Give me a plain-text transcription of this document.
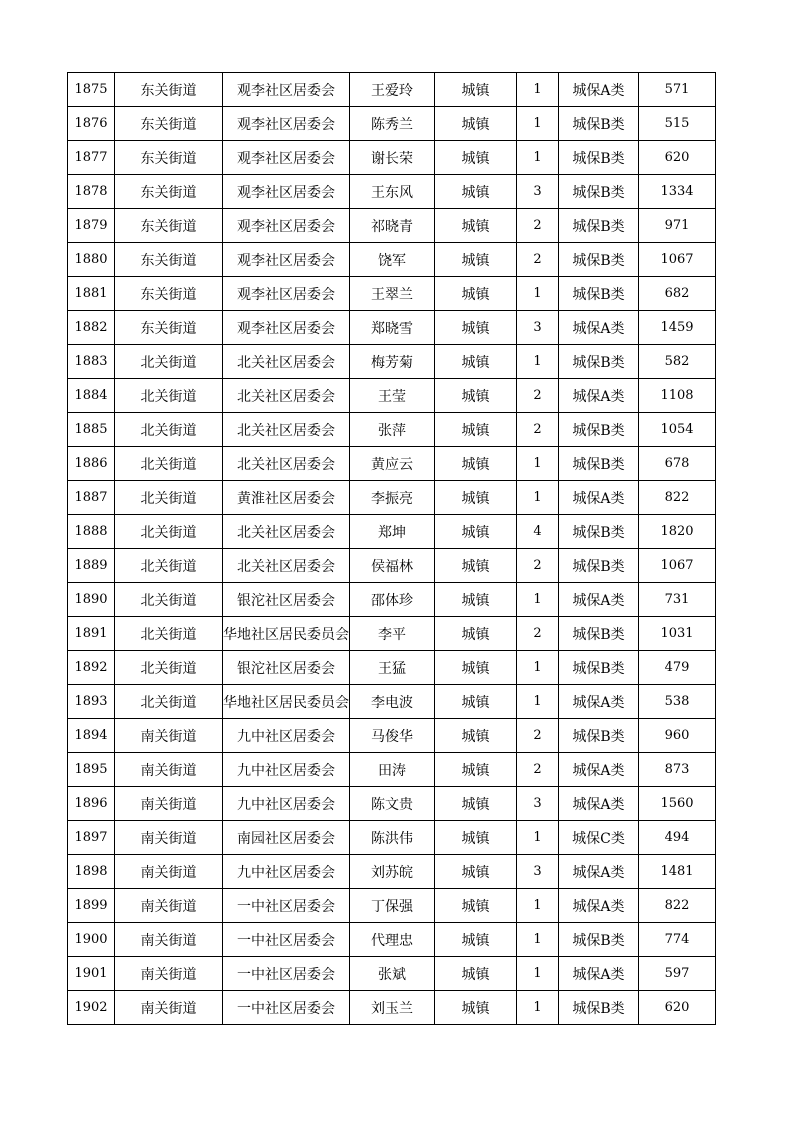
1875	东关街道	观李社区居委会	王爱玲	城镇	1	城保A类	571
1876	东关街道	观李社区居委会	陈秀兰	城镇	1	城保B类	515
1877	东关街道	观李社区居委会	谢长荣	城镇	1	城保B类	620
1878	东关街道	观李社区居委会	王东风	城镇	3	城保B类	1334
1879	东关街道	观李社区居委会	祁晓青	城镇	2	城保B类	971
1880	东关街道	观李社区居委会	饶军	城镇	2	城保B类	1067
1881	东关街道	观李社区居委会	王翠兰	城镇	1	城保B类	682
1882	东关街道	观李社区居委会	郑晓雪	城镇	3	城保A类	1459
1883	北关街道	北关社区居委会	梅芳菊	城镇	1	城保B类	582
1884	北关街道	北关社区居委会	王莹	城镇	2	城保A类	1108
1885	北关街道	北关社区居委会	张萍	城镇	2	城保B类	1054
1886	北关街道	北关社区居委会	黄应云	城镇	1	城保B类	678
1887	北关街道	黄淮社区居委会	李振亮	城镇	1	城保A类	822
1888	北关街道	北关社区居委会	郑坤	城镇	4	城保B类	1820
1889	北关街道	北关社区居委会	侯福林	城镇	2	城保B类	1067
1890	北关街道	银沱社区居委会	邵体珍	城镇	1	城保A类	731
1891	北关街道	华地社区居民委员会	李平	城镇	2	城保B类	1031
1892	北关街道	银沱社区居委会	王猛	城镇	1	城保B类	479
1893	北关街道	华地社区居民委员会	李电波	城镇	1	城保A类	538
1894	南关街道	九中社区居委会	马俊华	城镇	2	城保B类	960
1895	南关街道	九中社区居委会	田涛	城镇	2	城保A类	873
1896	南关街道	九中社区居委会	陈文贵	城镇	3	城保A类	1560
1897	南关街道	南园社区居委会	陈洪伟	城镇	1	城保C类	494
1898	南关街道	九中社区居委会	刘苏皖	城镇	3	城保A类	1481
1899	南关街道	一中社区居委会	丁保强	城镇	1	城保A类	822
1900	南关街道	一中社区居委会	代理忠	城镇	1	城保B类	774
1901	南关街道	一中社区居委会	张斌	城镇	1	城保A类	597
1902	南关街道	一中社区居委会	刘玉兰	城镇	1	城保B类	620
